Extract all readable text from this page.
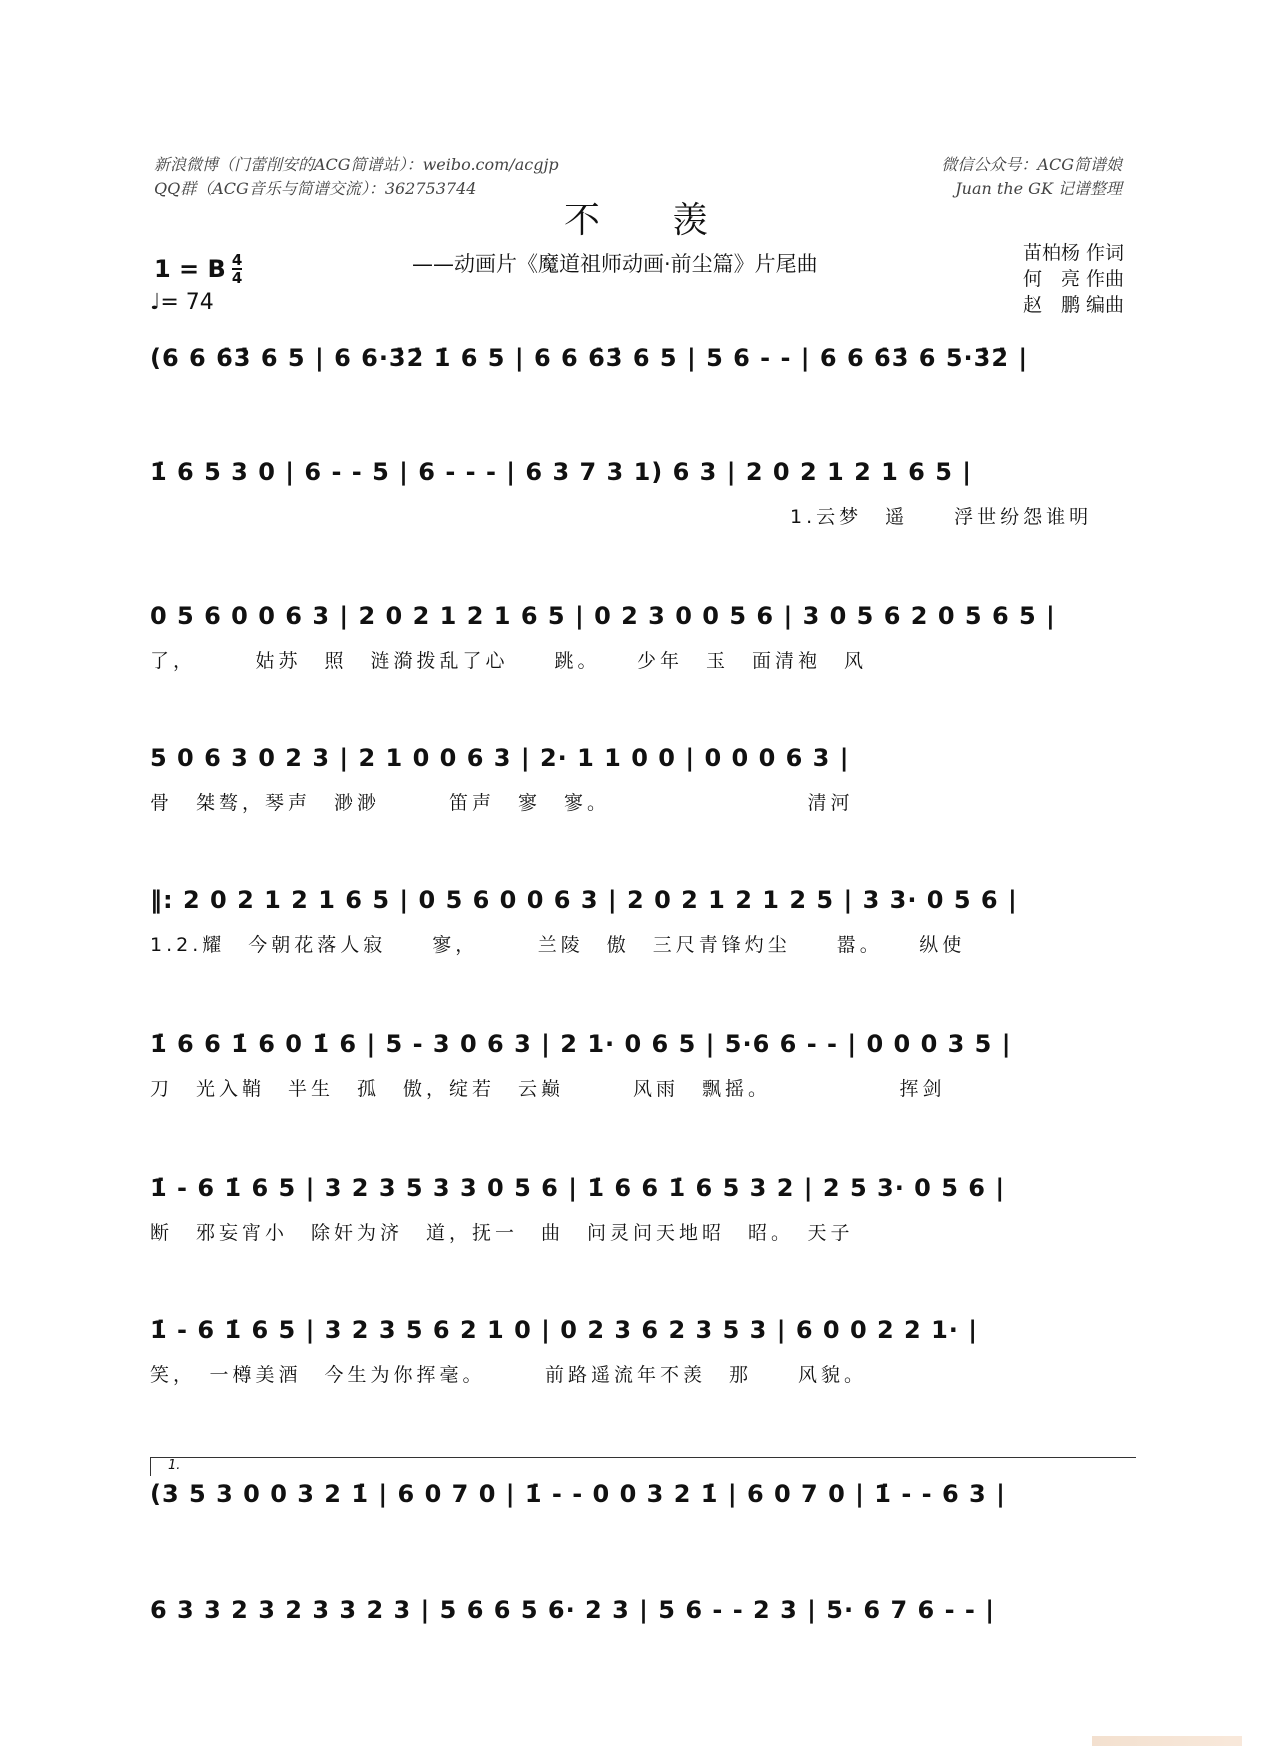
新浪微博（门蕾削安的ACG简谱站）：weibo.com/acgjp
QQ群（ACG音乐与简谱交流）：362753744
微信公众号：ACG简谱娘
Juan the GK 记谱整理
不羡
——动画片《魔道祖师动画·前尘篇》片尾曲
1 = B $\frac{4}{4}$
♩= 74
苗柏杨 作词
何　亮 作曲
赵　鹏 编曲
(6 6 6̇3̇ 6 5 | 6 6·3̇2̇ 1̇ 6 5 | 6 6 6̇3̇ 6 5 | 5 6 - - | 6 6 6̇3̇ 6 5·3̇2̇ |
1̇ 6 5 3 0 | 6 - - 5 | 6 - - - | 6 3 7 3 1) 6 3 | 2 0 2 1 2 1 6 5 |
1.云梦　遥　　浮世纷怨谁明
0 5 6 0 0 6 3 | 2 0 2 1 2 1 6 5 | 0 2 3 0 0 5 6 | 3 0 5 6 2 0 5 6 5 |
了，　　　姑苏　照　涟漪拨乱了心　　跳。　　少年　玉　面清袍　风
5 0 6 3 0 2 3 | 2 1 0 0 6 3 | 2· 1 1 0 0 | 0 0 0 6 3 |
骨　桀骜，琴声　渺渺　　　笛声　寥　寥。　　　　　　　　　清河
‖: 2 0 2 1 2 1 6 5 | 0 5 6 0 0 6 3 | 2 0 2 1 2 1 2 5 | 3 3· 0 5 6 |
1.2.耀　今朝花落人寂　　寥，　　　兰陵　傲　三尺青锋灼尘　　嚣。　　纵使
1̇ 6 6 1̇ 6 0 1̇ 6 | 5 - 3 0 6 3 | 2 1· 0 6 5 | 5·6 6 - - | 0 0 0 3 5 |
刀　光入鞘　半生　孤　傲，绽若　云巅　　　风雨　飘摇。　　　　　　挥剑
1̇ - 6 1̇ 6 5 | 3 2 3 5 3 3 0 5 6 | 1̇ 6 6 1̇ 6 5 3 2 | 2 5 3· 0 5 6 |
断　邪妄宵小　除奸为济　道，抚一　曲　问灵问天地昭　昭。　天子
1̇ - 6 1̇ 6 5 | 3 2 3 5 6 2 1 0 | 0 2 3 6 2 3 5 3 | 6 0 0 2 2 1· |
笑，　一樽美酒　今生为你挥毫。　　　前路遥流年不羡　那　　风貌。
1.
(3 5 3 0 0 3 2 1̇ | 6 0 7 0 | 1̇ - - 0 0 3 2 1̇ | 6 0 7 0 | 1̇ - - 6 3 |
6 3 3 2 3 2 3 3 2 3 | 5 6 6 5 6· 2 3 | 5 6 - - 2 3 | 5· 6 7 6 - - |
